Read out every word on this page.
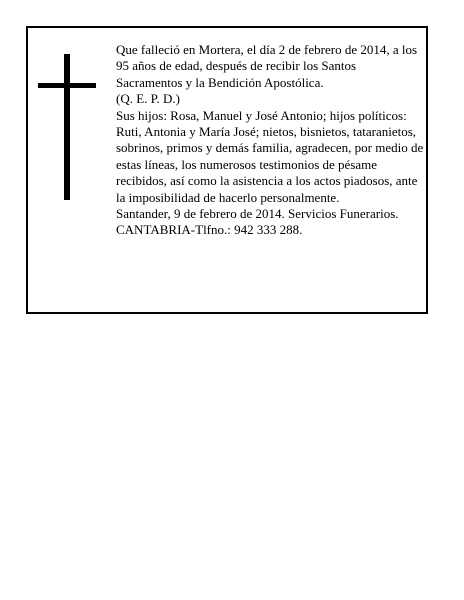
Que falleció en Mortera, el día 2 de febrero de 2014, a los 95 años de edad, después de recibir los Santos Sacramentos y la Bendición Apostólica.

(Q. E. P. D.)

Sus hijos: Rosa, Manuel y José Antonio; hijos políticos: Ruti, Antonia y María José; nietos, bisnietos, tataranietos, sobrinos, primos y demás familia, agradecen, por medio de estas líneas, los numerosos testimonios de pésame recibidos, así como la asistencia a los actos piadosos, ante la imposibilidad de hacerlo personalmente.

Santander, 9 de febrero de 2014. Servicios Funerarios. CANTABRIA-Tlfno.: 942 333 288.
